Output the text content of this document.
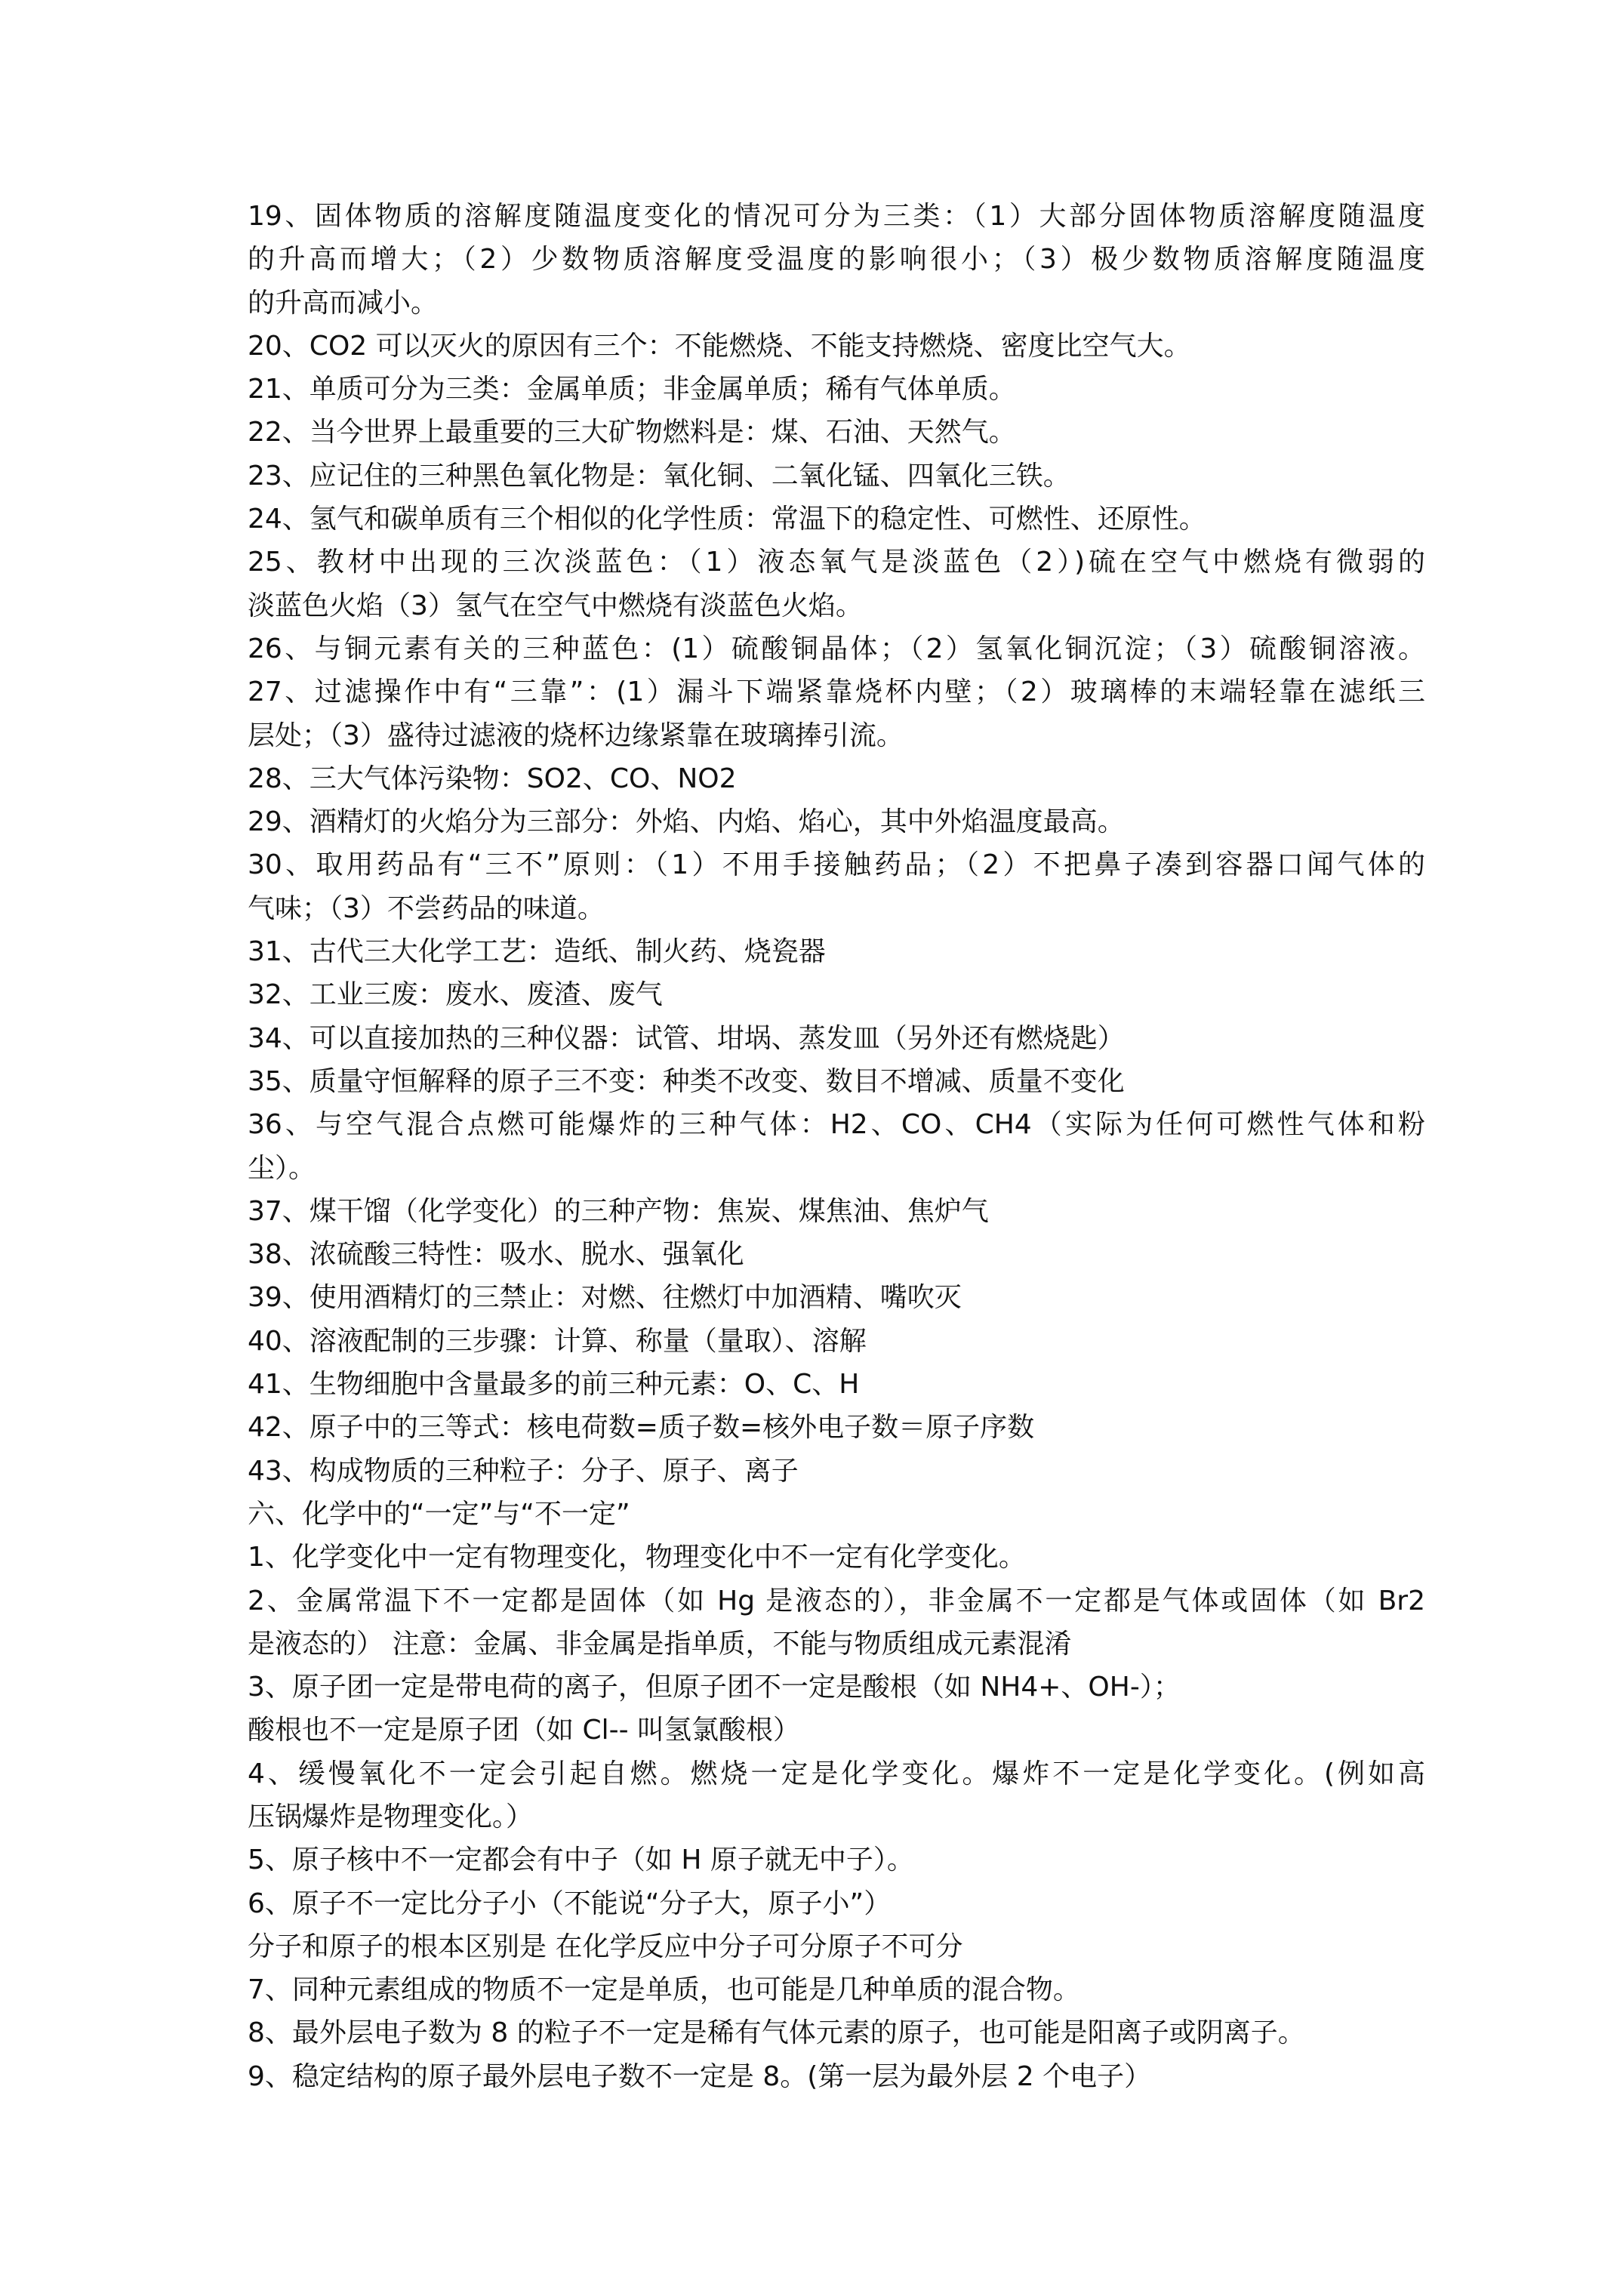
19、固体物质的溶解度随温度变化的情况可分为三类：（1）大部分固体物质溶解度随温度
的升高而增大；（2）少数物质溶解度受温度的影响很小；（3）极少数物质溶解度随温度
的升高而减小。
20、CO2 可以灭火的原因有三个：不能燃烧、不能支持燃烧、密度比空气大。
21、单质可分为三类：金属单质；非金属单质；稀有气体单质。
22、当今世界上最重要的三大矿物燃料是：煤、石油、天然气。
23、应记住的三种黑色氧化物是：氧化铜、二氧化锰、四氧化三铁。
24、氢气和碳单质有三个相似的化学性质：常温下的稳定性、可燃性、还原性。
25、教材中出现的三次淡蓝色：（1）液态氧气是淡蓝色（2）)硫在空气中燃烧有微弱的
淡蓝色火焰（3）氢气在空气中燃烧有淡蓝色火焰。
26、与铜元素有关的三种蓝色：(1）硫酸铜晶体；（2）氢氧化铜沉淀；（3）硫酸铜溶液。
27、过滤操作中有“三靠”：(1）漏斗下端紧靠烧杯内壁；（2）玻璃棒的末端轻靠在滤纸三
层处；（3）盛待过滤液的烧杯边缘紧靠在玻璃捧引流。
28、三大气体污染物：SO2、CO、NO2
29、酒精灯的火焰分为三部分：外焰、内焰、焰心，其中外焰温度最高。
30、取用药品有“三不”原则：（1）不用手接触药品；（2）不把鼻子凑到容器口闻气体的
气味；（3）不尝药品的味道。
31、古代三大化学工艺：造纸、制火药、烧瓷器
32、工业三废：废水、废渣、废气
34、可以直接加热的三种仪器：试管、坩埚、蒸发皿（另外还有燃烧匙）
35、质量守恒解释的原子三不变：种类不改变、数目不增减、质量不变化
36、与空气混合点燃可能爆炸的三种气体：H2、CO、CH4（实际为任何可燃性气体和粉
尘）。
37、煤干馏（化学变化）的三种产物：焦炭、煤焦油、焦炉气
38、浓硫酸三特性：吸水、脱水、强氧化
39、使用酒精灯的三禁止：对燃、往燃灯中加酒精、嘴吹灭
40、溶液配制的三步骤：计算、称量（量取）、溶解
41、生物细胞中含量最多的前三种元素：O、C、H
42、原子中的三等式：核电荷数=质子数=核外电子数＝原子序数
43、构成物质的三种粒子：分子、原子、离子
六、化学中的“一定”与“不一定”
1、化学变化中一定有物理变化，物理变化中不一定有化学变化。
2、金属常温下不一定都是固体（如 Hg 是液态的），非金属不一定都是气体或固体（如 Br2
是液态的） 注意：金属、非金属是指单质，不能与物质组成元素混淆
3、原子团一定是带电荷的离子，但原子团不一定是酸根（如 NH4+、OH-）；
酸根也不一定是原子团（如 Cl-- 叫氢氯酸根）
4、缓慢氧化不一定会引起自燃。燃烧一定是化学变化。爆炸不一定是化学变化。(例如高
压锅爆炸是物理变化。）
5、原子核中不一定都会有中子（如 H 原子就无中子）。
6、原子不一定比分子小（不能说“分子大，原子小”）
分子和原子的根本区别是 在化学反应中分子可分原子不可分
7、同种元素组成的物质不一定是单质，也可能是几种单质的混合物。
8、最外层电子数为 8 的粒子不一定是稀有气体元素的原子，也可能是阳离子或阴离子。
9、稳定结构的原子最外层电子数不一定是 8。(第一层为最外层 2 个电子）
